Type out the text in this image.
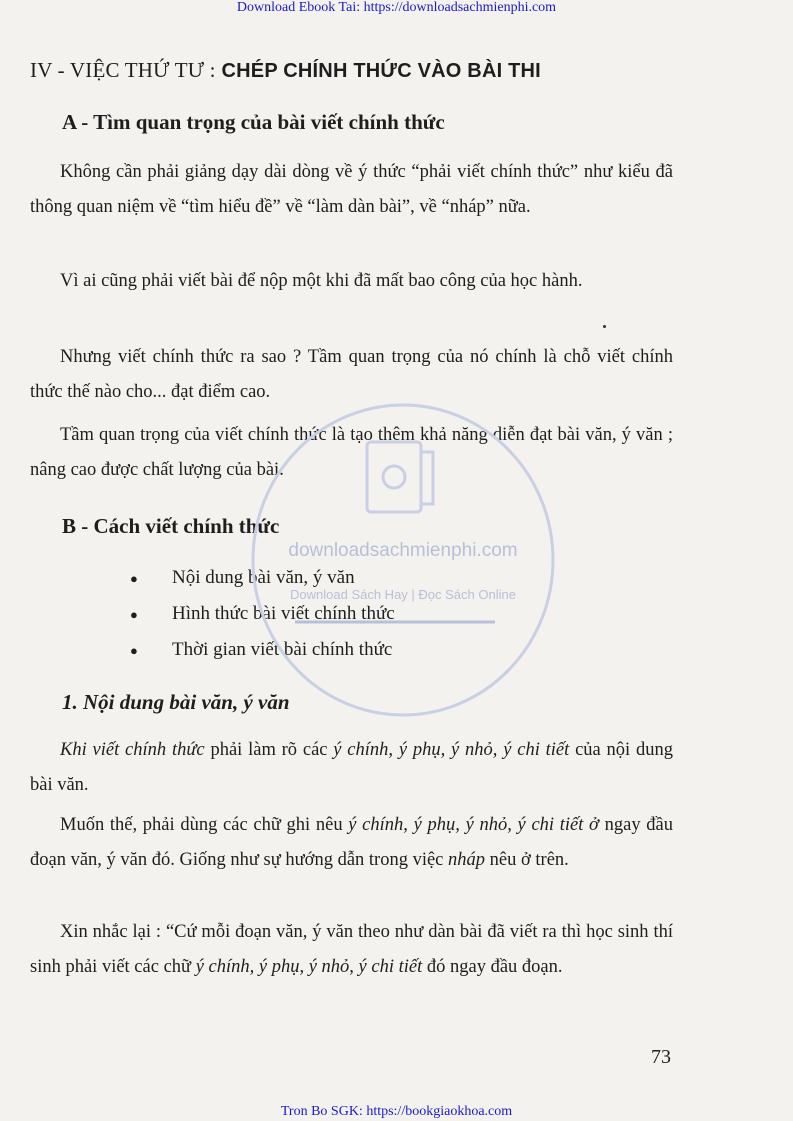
Download Ebook Tai: https://downloadsachmienphi.com
IV - VIỆC THỨ TƯ : CHÉP CHÍNH THỨC VÀO BÀI THI
A - Tìm quan trọng của bài viết chính thức
Không cần phải giảng dạy dài dòng về ý thức “phải viết chính thức” như kiểu đã thông quan niệm về “tìm hiểu đề” về “làm dàn bài”, về “nháp” nữa.
Vì ai cũng phải viết bài để nộp một khi đã mất bao công của học hành.
Nhưng viết chính thức ra sao ? Tầm quan trọng của nó chính là chỗ viết chính thức thế nào cho... đạt điểm cao.
Tầm quan trọng của viết chính thức là tạo thêm khả năng diễn đạt bài văn, ý văn ; nâng cao được chất lượng của bài.
B - Cách viết chính thức
● Nội dung bài văn, ý văn
● Hình thức bài viết chính thức
● Thời gian viết bài chính thức
1. Nội dung bài văn, ý văn
Khi viết chính thức phải làm rõ các ý chính, ý phụ, ý nhỏ, ý chi tiết của nội dung bài văn.
Muốn thế, phải dùng các chữ ghi nêu ý chính, ý phụ, ý nhỏ, ý chi tiết ở ngay đầu đoạn văn, ý văn đó. Giống như sự hướng dẫn trong việc nháp nêu ở trên.
Xin nhắc lại : “Cứ mỗi đoạn văn, ý văn theo như dàn bài đã viết ra thì học sinh thí sinh phải viết các chữ ý chính, ý phụ, ý nhỏ, ý chi tiết đó ngay đầu đoạn.
73
downloadsachmienphi.com
Download Sách Hay | Đọc Sách Online
Tron Bo SGK: https://bookgiaokhoa.com
